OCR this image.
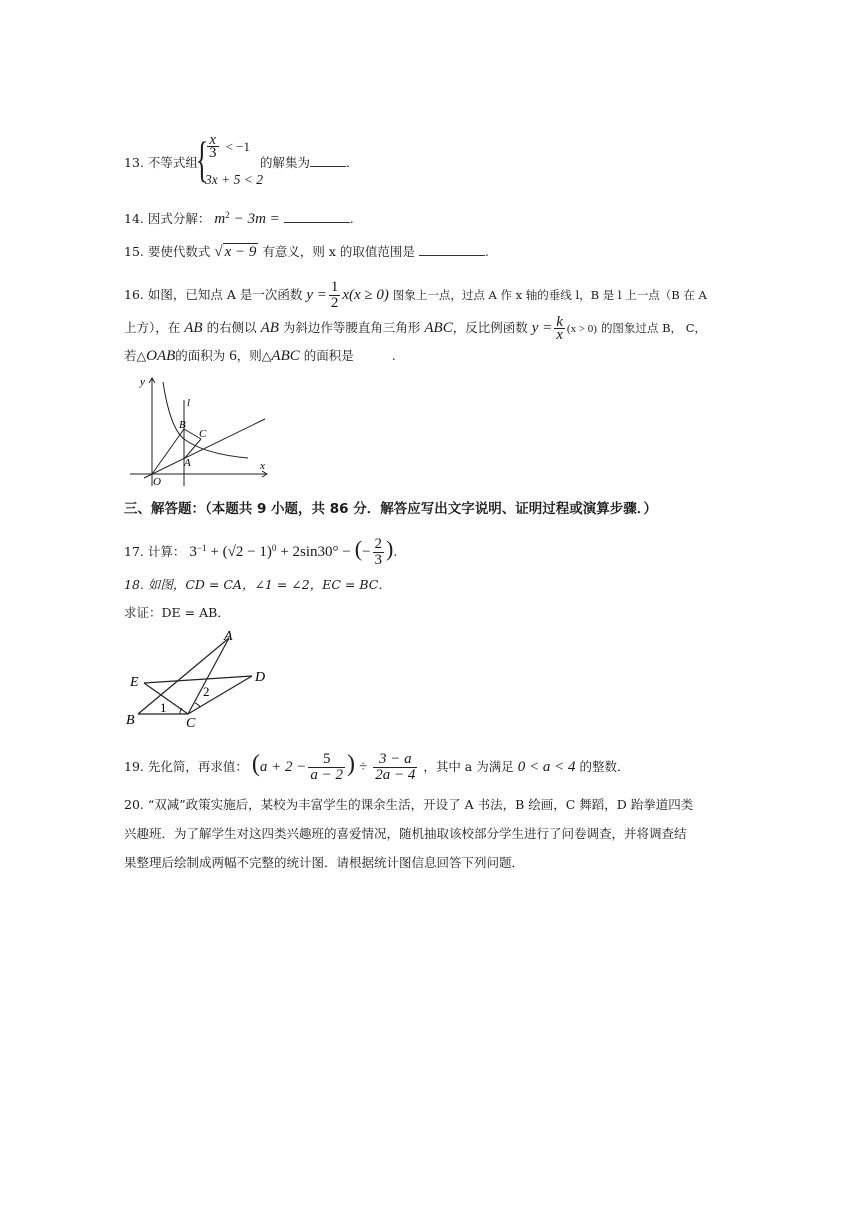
13. 不等式组
{ $\frac{x}{3} < -1$
3x + 5 < 2
的解集为	.
14. 因式分解： $m^2 - 3m$ =	.
15. 要使代数式 √ x − 9 有意义，则 x 的取值范围是	.
16. 如图，已知点 A 是一次函数 $y = \frac{1}{2} x(x \ge 0)$ 图象上一点，过点 A 作 x 轴的垂线 l，B 是 l 上一点（B 在 A
上方），在 AB 的右侧以 AB 为斜边作等腰直角三角形 ABC，反比例函数 $y = \frac{k}{x} (x > 0)$ 的图象过点 B， C，
若△OAB的面积为 6，则△ABC 的面积是	.
y
x
O
l
B
C
A
三、解答题：（本题共 9 小题，共 86 分．解答应写出文字说明、证明过程或演算步骤．）
17. 计算： $3^{-1} + (√2 - 1)^0 + 2\sin 30^\circ$ − (− $\frac{2}{3}$ ).
18. 如图，CD = CA，∠1 = ∠2，EC = BC．
求证：DE = AB．
A
E	D
B	C
1
2
19. 先化简，再求值： ($a + 2 - \frac{5}{a - 2}$ ) ÷ $\frac{3 - a}{2a - 4}$ ，其中 a 为满足 0 < a < 4 的整数．
20. “双减”政策实施后，某校为丰富学生的课余生活，开设了 A 书法，B 绘画，C 舞蹈，D 跆拳道四类兴趣班．为了解学生对这四类兴趣班的喜爱情况，随机抽取该校部分学生进行了问卷调查，并将调查结果整理后绘制成两幅不完整的统计图．请根据统计图信息回答下列问题．
